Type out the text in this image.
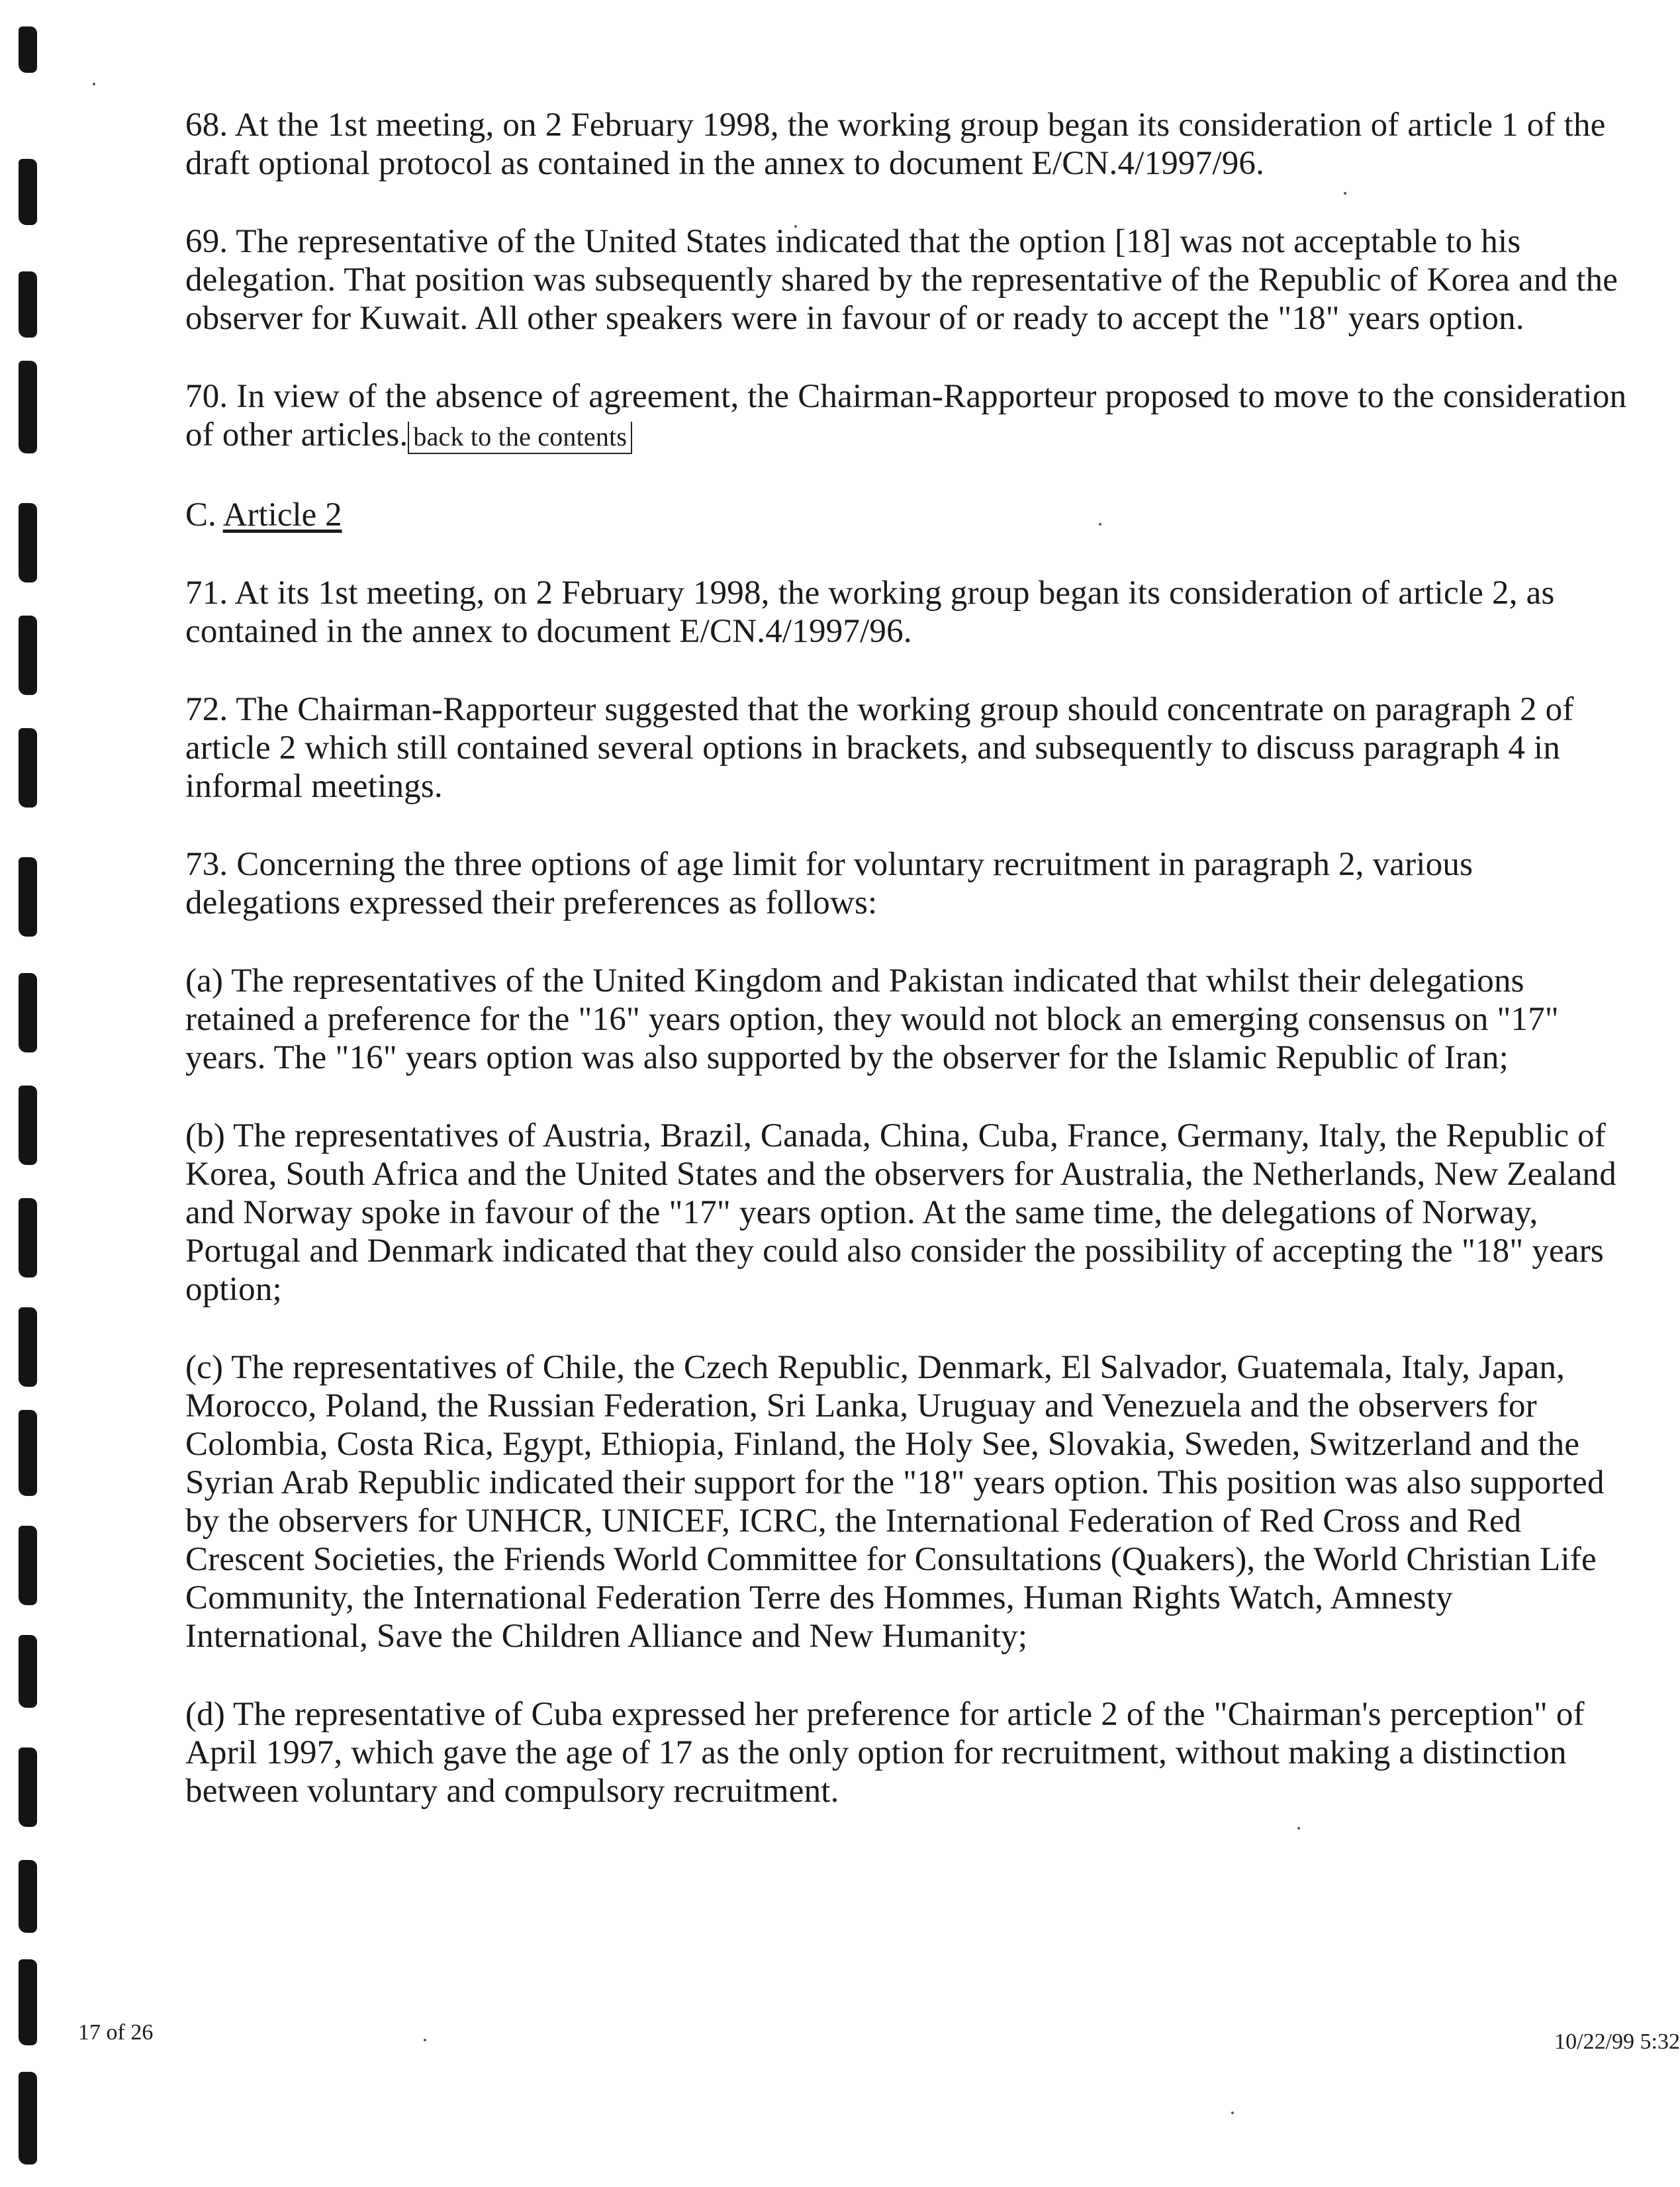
68. At the 1st meeting, on 2 February 1998, the working group began its consideration of article 1 of the draft optional protocol as contained in the annex to document E/CN.4/1997/96.

69. The representative of the United States indicated that the option [18] was not acceptable to his delegation. That position was subsequently shared by the representative of the Republic of Korea and the observer for Kuwait. All other speakers were in favour of or ready to accept the "18" years option.

70. In view of the absence of agreement, the Chairman-Rapporteur proposed to move to the consideration of other articles. back to the contents

C. Article 2

71. At its 1st meeting, on 2 February 1998, the working group began its consideration of article 2, as contained in the annex to document E/CN.4/1997/96.

72. The Chairman-Rapporteur suggested that the working group should concentrate on paragraph 2 of article 2 which still contained several options in brackets, and subsequently to discuss paragraph 4 in informal meetings.

73. Concerning the three options of age limit for voluntary recruitment in paragraph 2, various delegations expressed their preferences as follows:

(a) The representatives of the United Kingdom and Pakistan indicated that whilst their delegations retained a preference for the "16" years option, they would not block an emerging consensus on "17" years. The "16" years option was also supported by the observer for the Islamic Republic of Iran;

(b) The representatives of Austria, Brazil, Canada, China, Cuba, France, Germany, Italy, the Republic of Korea, South Africa and the United States and the observers for Australia, the Netherlands, New Zealand and Norway spoke in favour of the "17" years option. At the same time, the delegations of Norway, Portugal and Denmark indicated that they could also consider the possibility of accepting the "18" years option;

(c) The representatives of Chile, the Czech Republic, Denmark, El Salvador, Guatemala, Italy, Japan, Morocco, Poland, the Russian Federation, Sri Lanka, Uruguay and Venezuela and the observers for Colombia, Costa Rica, Egypt, Ethiopia, Finland, the Holy See, Slovakia, Sweden, Switzerland and the Syrian Arab Republic indicated their support for the "18" years option. This position was also supported by the observers for UNHCR, UNICEF, ICRC, the International Federation of Red Cross and Red Crescent Societies, the Friends World Committee for Consultations (Quakers), the World Christian Life Community, the International Federation Terre des Hommes, Human Rights Watch, Amnesty International, Save the Children Alliance and New Humanity;

(d) The representative of Cuba expressed her preference for article 2 of the "Chairman's perception" of April 1997, which gave the age of 17 as the only option for recruitment, without making a distinction between voluntary and compulsory recruitment.

17 of 26	10/22/99 5:32
